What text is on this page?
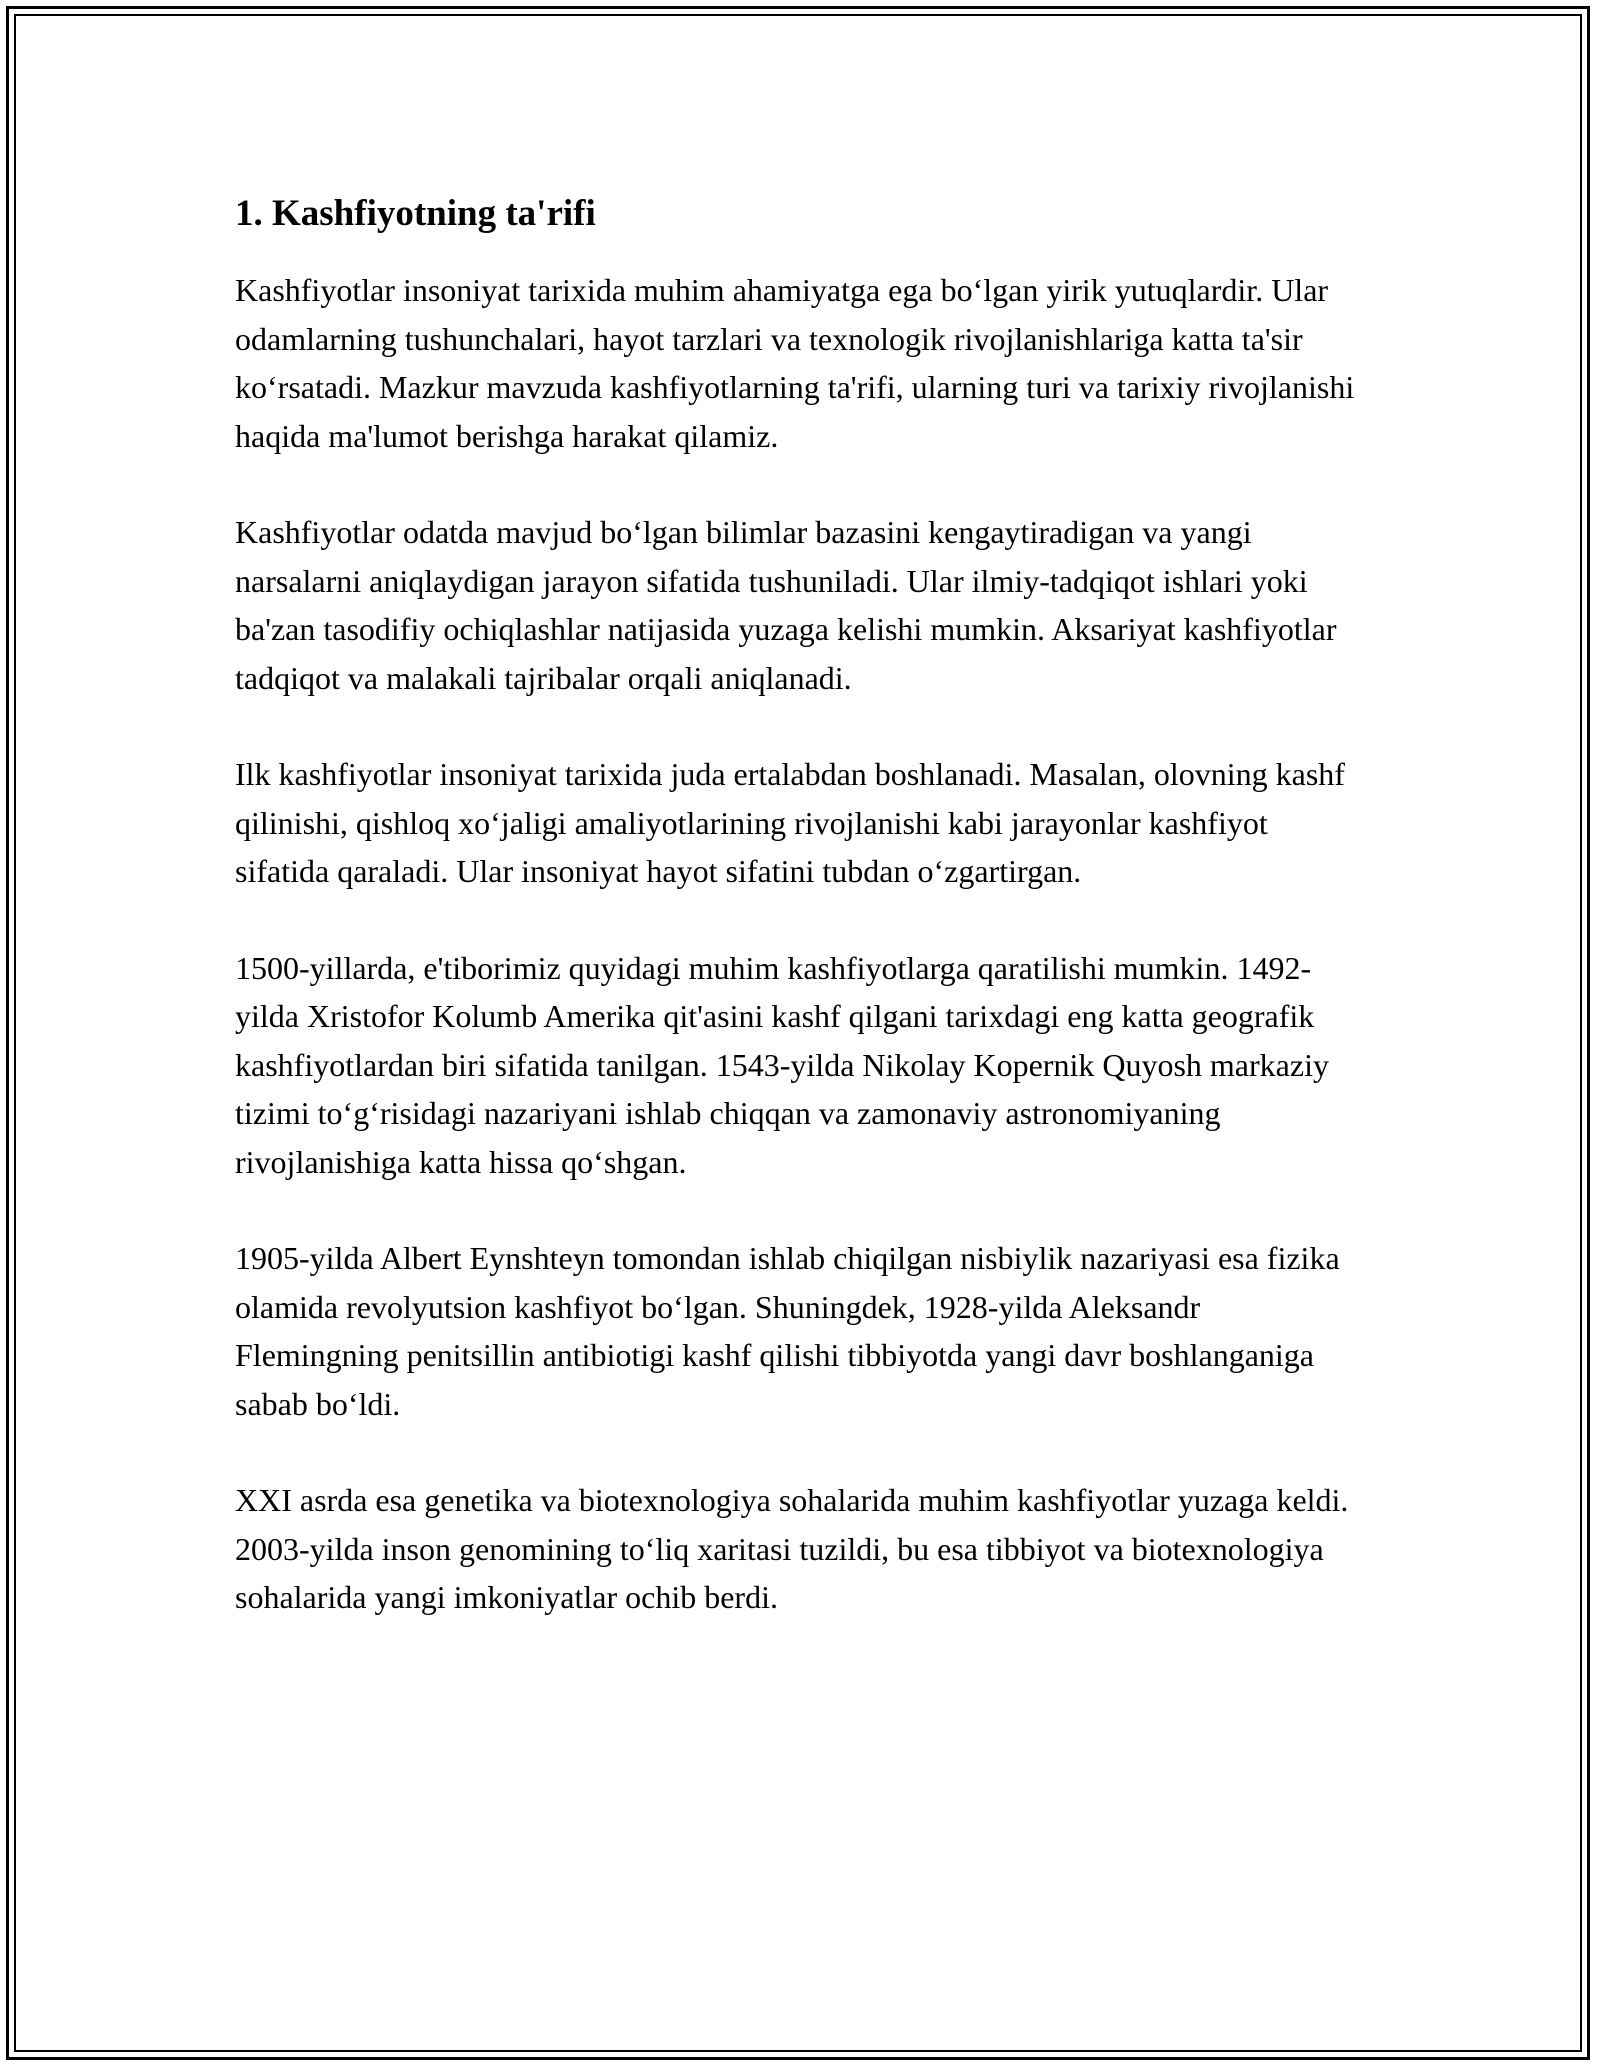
1. Kashfiyotning ta'rifi

Kashfiyotlar insoniyat tarixida muhim ahamiyatga ega bo‘lgan yirik yutuqlardir. Ular odamlarning tushunchalari, hayot tarzlari va texnologik rivojlanishlariga katta ta'sir ko‘rsatadi. Mazkur mavzuda kashfiyotlarning ta'rifi, ularning turi va tarixiy rivojlanishi haqida ma'lumot berishga harakat qilamiz.

Kashfiyotlar odatda mavjud bo‘lgan bilimlar bazasini kengaytiradigan va yangi narsalarni aniqlaydigan jarayon sifatida tushuniladi. Ular ilmiy-tadqiqot ishlari yoki ba'zan tasodifiy ochiqlashlar natijasida yuzaga kelishi mumkin. Aksariyat kashfiyotlar tadqiqot va malakali tajribalar orqali aniqlanadi.

Ilk kashfiyotlar insoniyat tarixida juda ertalabdan boshlanadi. Masalan, olovning kashf qilinishi, qishloq xo‘jaligi amaliyotlarining rivojlanishi kabi jarayonlar kashfiyot sifatida qaraladi. Ular insoniyat hayot sifatini tubdan o‘zgartirgan.

1500-yillarda, e'tiborimiz quyidagi muhim kashfiyotlarga qaratilishi mumkin. 1492-yilda Xristofor Kolumb Amerika qit'asini kashf qilgani tarixdagi eng katta geografik kashfiyotlardan biri sifatida tanilgan. 1543-yilda Nikolay Kopernik Quyosh markaziy tizimi to‘g‘risidagi nazariyani ishlab chiqqan va zamonaviy astronomiyaning rivojlanishiga katta hissa qo‘shgan.

1905-yilda Albert Eynshteyn tomondan ishlab chiqilgan nisbiylik nazariyasi esa fizika olamida revolyutsion kashfiyot bo‘lgan. Shuningdek, 1928-yilda Aleksandr Flemingning penitsillin antibiotigi kashf qilishi tibbiyotda yangi davr boshlanganiga sabab bo‘ldi.

XXI asrda esa genetika va biotexnologiya sohalarida muhim kashfiyotlar yuzaga keldi. 2003-yilda inson genomining to‘liq xaritasi tuzildi, bu esa tibbiyot va biotexnologiya sohalarida yangi imkoniyatlar ochib berdi.
